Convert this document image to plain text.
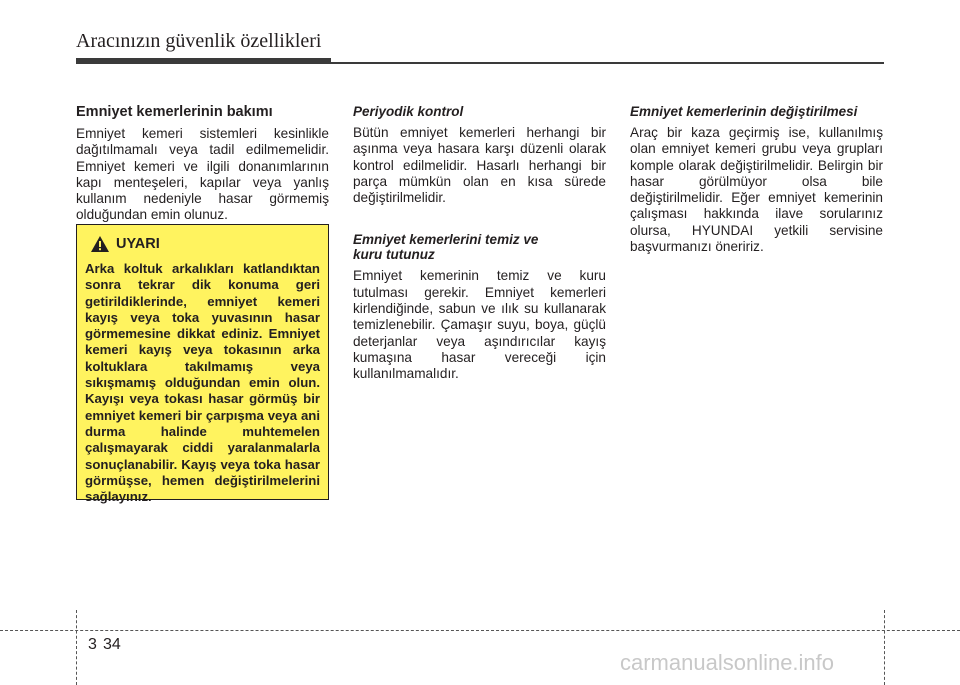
Aracınızın güvenlik özellikleri
Emniyet kemerlerinin bakımı

Emniyet kemeri sistemleri kesinlikle dağıtılmamalı veya tadil edilmemelidir. Emniyet kemeri ve ilgili donanımlarının kapı menteşeleri, kapılar veya yanlış kullanım nedeniyle hasar görmemiş olduğundan emin olunuz.

UYARI

Arka koltuk arkalıkları katlandıktan sonra tekrar dik konuma geri getirildiklerinde, emniyet kemeri kayış veya toka yuvasının hasar görmemesine dikkat ediniz. Emniyet kemeri kayış veya tokasının arka koltuklara takılmamış veya sıkışmamış olduğundan emin olun. Kayışı veya tokası hasar görmüş bir emniyet kemeri bir çarpışma veya ani durma halinde muhtemelen çalışmayarak ciddi yaralanmalarla sonuçlanabilir. Kayış veya toka hasar görmüşse, hemen değiştirilmelerini sağlayınız.

Periyodik kontrol

Bütün emniyet kemerleri herhangi bir aşınma veya hasara karşı düzenli olarak kontrol edilmelidir. Hasarlı herhangi bir parça mümkün olan en kısa sürede değiştirilmelidir.

Emniyet kemerlerini temiz ve
kuru tutunuz

Emniyet kemerinin temiz ve kuru tutulması gerekir. Emniyet kemerleri kirlendiğinde, sabun ve ılık su kullanarak temizlenebilir. Çamaşır suyu, boya, güçlü deterjanlar veya aşındırıcılar kayış kumaşına hasar vereceği için kullanılmamalıdır.

Emniyet kemerlerinin değiştirilmesi

Araç bir kaza geçirmiş ise, kullanılmış olan emniyet kemeri grubu veya grupları komple olarak değiştirilmelidir. Belirgin bir hasar görülmüyor olsa bile değiştirilmelidir. Eğer emniyet kemerinin çalışması hakkında ilave sorularınız olursa, HYUNDAI yetkili servisine başvurmanızı öneririz.

3 34
carmanualsonline.info
